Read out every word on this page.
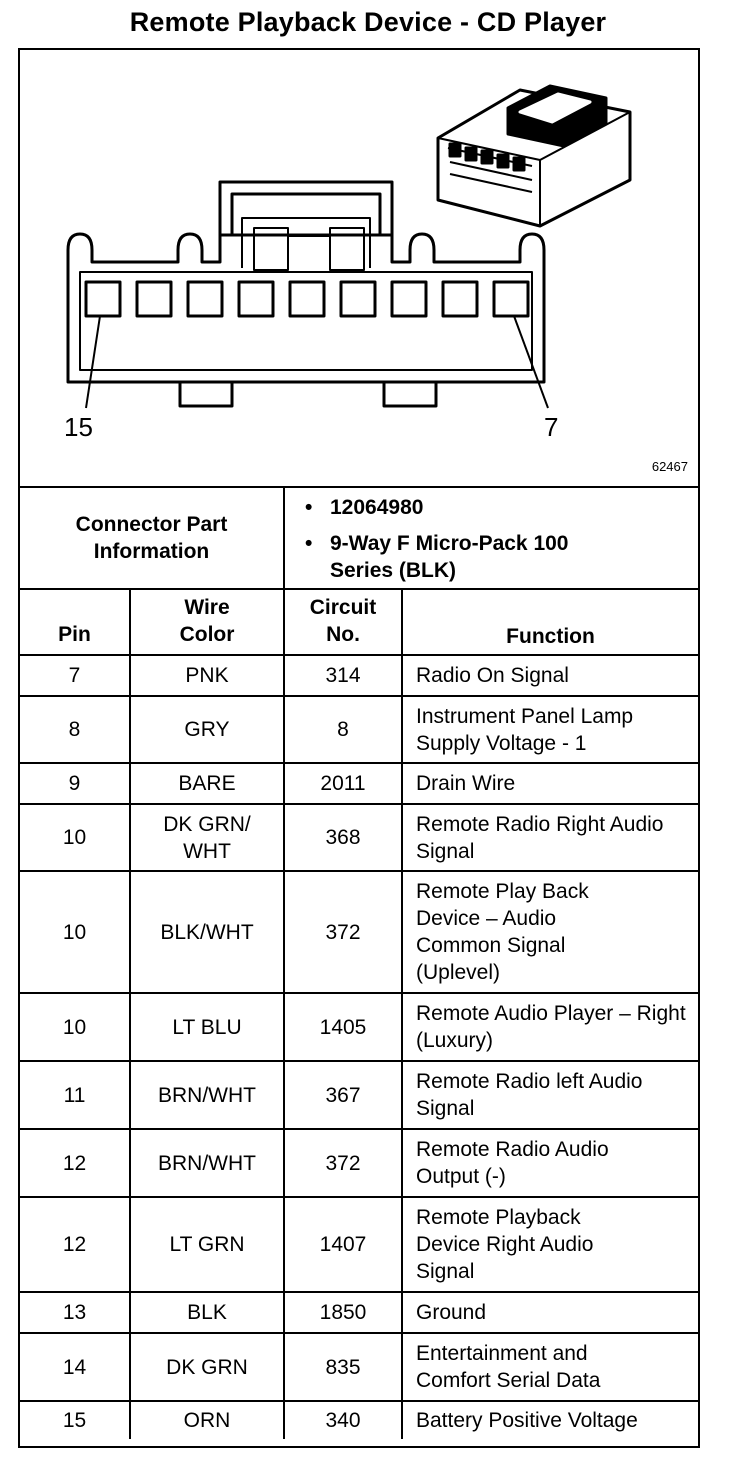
Remote Playback Device - CD Player
15	7
62467
Connector Part Information
• 12064980
• 9-Way F Micro-Pack 100 Series (BLK)
Pin	Wire Color	Circuit No.	Function
7	PNK	314	Radio On Signal
8	GRY	8	Instrument Panel Lamp Supply Voltage - 1
9	BARE	2011	Drain Wire
10	DK GRN/ WHT	368	Remote Radio Right Audio Signal
10	BLK/WHT	372	Remote Play Back Device – Audio Common Signal (Uplevel)
10	LT BLU	1405	Remote Audio Player – Right (Luxury)
11	BRN/WHT	367	Remote Radio left Audio Signal
12	BRN/WHT	372	Remote Radio Audio Output (-)
12	LT GRN	1407	Remote Playback Device Right Audio Signal
13	BLK	1850	Ground
14	DK GRN	835	Entertainment and Comfort Serial Data
15	ORN	340	Battery Positive Voltage
